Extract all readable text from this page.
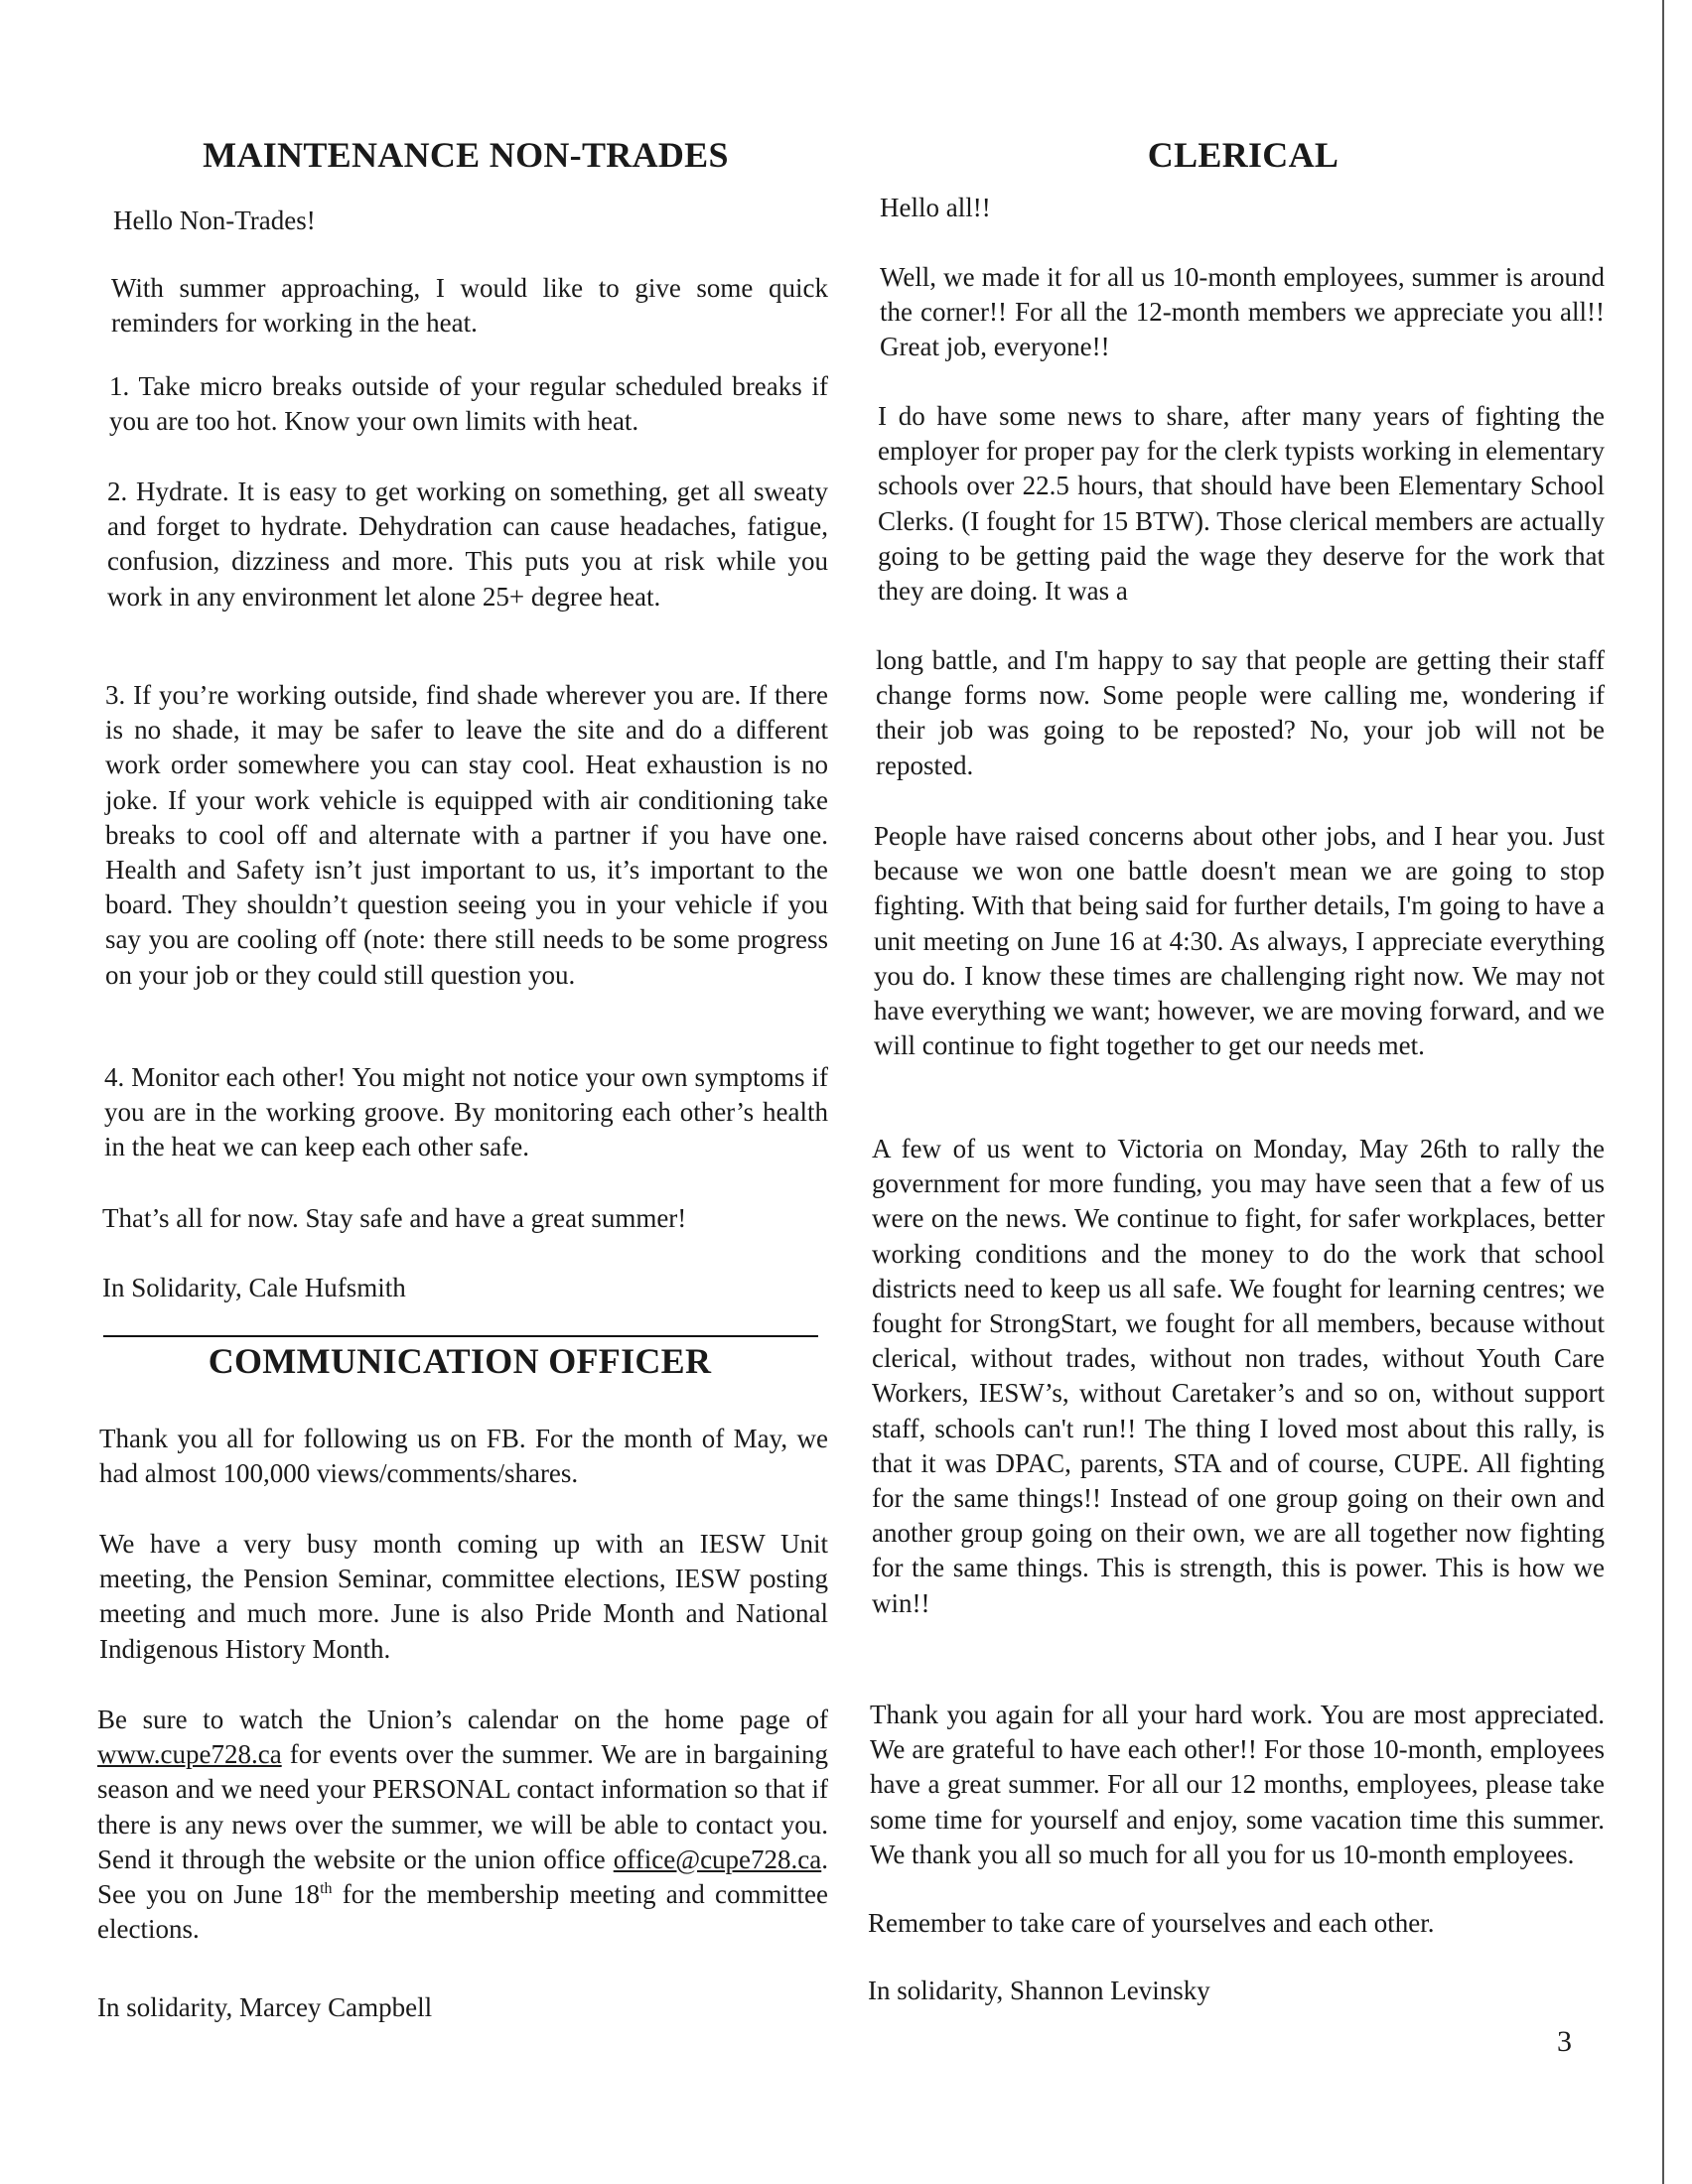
MAINTENANCE NON-TRADES

Hello Non-Trades!

With summer approaching, I would like to give some quick reminders for working in the heat.

1. Take micro breaks outside of your regular scheduled breaks if you are too hot. Know your own limits with heat.

2. Hydrate. It is easy to get working on something, get all sweaty and forget to hydrate. Dehydration can cause headaches, fatigue, confusion, dizziness and more. This puts you at risk while you work in any environment let alone 25+ degree heat.

3. If you’re working outside, find shade wherever you are. If there is no shade, it may be safer to leave the site and do a different work order somewhere you can stay cool. Heat exhaustion is no joke. If your work vehicle is equipped with air conditioning take breaks to cool off and alternate with a partner if you have one. Health and Safety isn’t just important to us, it’s important to the board. They shouldn’t question seeing you in your vehicle if you say you are cooling off (note: there still needs to be some progress on your job or they could still question you.

4. Monitor each other! You might not notice your own symptoms if you are in the working groove. By monitoring each other’s health in the heat we can keep each other safe.

That’s all for now. Stay safe and have a great summer!

In Solidarity, Cale Hufsmith

COMMUNICATION OFFICER

Thank you all for following us on FB. For the month of May, we had almost 100,000 views/comments/shares.

We have a very busy month coming up with an IESW Unit meeting, the Pension Seminar, committee elections, IESW posting meeting and much more. June is also Pride Month and National Indigenous History Month.

Be sure to watch the Union’s calendar on the home page of www.cupe728.ca for events over the summer. We are in bargaining season and we need your PERSONAL contact information so that if there is any news over the summer, we will be able to contact you. Send it through the website or the union office office@cupe728.ca. See you on June 18th for the membership meeting and committee elections.

In solidarity, Marcey Campbell

CLERICAL

Hello all!!

Well, we made it for all us 10-month employees, summer is around the corner!! For all the 12-month members we appreciate you all!! Great job, everyone!!

I do have some news to share, after many years of fighting the employer for proper pay for the clerk typists working in elementary schools over 22.5 hours, that should have been Elementary School Clerks. (I fought for 15 BTW). Those clerical members are actually going to be getting paid the wage they deserve for the work that they are doing. It was a

long battle, and I'm happy to say that people are getting their staff change forms now. Some people were calling me, wondering if their job was going to be reposted? No, your job will not be reposted.

People have raised concerns about other jobs, and I hear you. Just because we won one battle doesn't mean we are going to stop fighting. With that being said for further details, I'm going to have a unit meeting on June 16 at 4:30. As always, I appreciate everything you do. I know these times are challenging right now. We may not have everything we want; however, we are moving forward, and we will continue to fight together to get our needs met.

A few of us went to Victoria on Monday, May 26th to rally the government for more funding, you may have seen that a few of us were on the news. We continue to fight, for safer workplaces, better working conditions and the money to do the work that school districts need to keep us all safe. We fought for learning centres; we fought for StrongStart, we fought for all members, because without clerical, without trades, without non trades, without Youth Care Workers, IESW’s, without Caretaker’s and so on, without support staff, schools can't run!! The thing I loved most about this rally, is that it was DPAC, parents, STA and of course, CUPE. All fighting for the same things!! Instead of one group going on their own and another group going on their own, we are all together now fighting for the same things. This is strength, this is power. This is how we win!!

Thank you again for all your hard work. You are most appreciated. We are grateful to have each other!! For those 10-month, employees have a great summer. For all our 12 months, employees, please take some time for yourself and enjoy, some vacation time this summer. We thank you all so much for all you for us 10-month employees.

Remember to take care of yourselves and each other.

In solidarity, Shannon Levinsky

3
